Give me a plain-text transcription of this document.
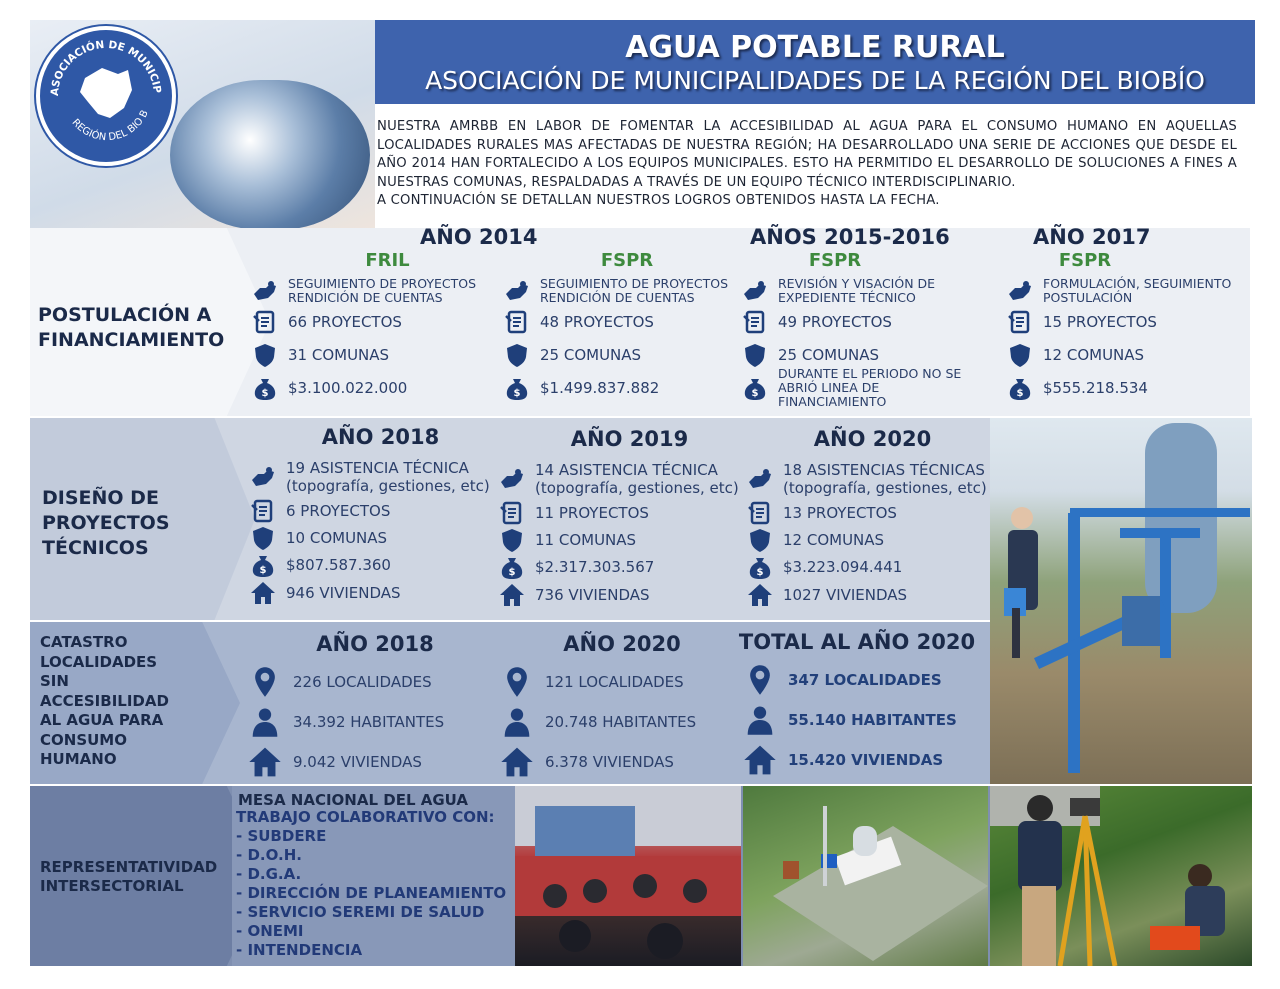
ASOCIACIÓN DE MUNICIP
REGIÓN DEL BIO B
AGUA POTABLE RURAL
ASOCIACIÓN DE MUNICIPALIDADES DE LA REGIÓN DEL BIOBÍO
NUESTRA AMRBB EN LABOR DE FOMENTAR LA ACCESIBILIDAD AL AGUA PARA EL CONSUMO HUMANO EN AQUELLAS LOCALIDADES RURALES MAS AFECTADAS DE NUESTRA REGIÓN; HA DESARROLLADO UNA SERIE DE ACCIONES QUE DESDE EL AÑO 2014 HAN FORTALECIDO A LOS EQUIPOS MUNICIPALES. ESTO HA PERMITIDO EL DESARROLLO DE SOLUCIONES A FINES A NUESTRAS COMUNAS, RESPALDADAS A TRAVÉS DE UN EQUIPO TÉCNICO INTERDISCIPLINARIO.
A CONTINUACIÓN SE DETALLAN NUESTROS LOGROS OBTENIDOS HASTA LA FECHA.
POSTULACIÓN A FINANCIAMIENTO
DISEÑO DE PROYECTOS TÉCNICOS
CATASTRO LOCALIDADES SIN ACCESIBILIDAD AL AGUA PARA CONSUMO HUMANO
REPRESENTATIVIDAD INTERSECTORIAL
AÑO 2014	AÑOS 2015-2016	AÑO 2017
FRIL
SEGUIMIENTO DE PROYECTOS RENDICIÓN DE CUENTAS
66 PROYECTOS
31 COMUNAS
$3.100.022.000
FSPR
SEGUIMIENTO DE PROYECTOS RENDICIÓN DE CUENTAS
48 PROYECTOS
25 COMUNAS
$1.499.837.882
FSPR
REVISIÓN Y VISACIÓN DE EXPEDIENTE TÉCNICO
49 PROYECTOS
25 COMUNAS
DURANTE EL PERIODO NO SE ABRIÓ LINEA DE FINANCIAMIENTO
FSPR
FORMULACIÓN, SEGUIMIENTO POSTULACIÓN
15 PROYECTOS
12 COMUNAS
$555.218.534
AÑO 2018
19 ASISTENCIA TÉCNICA
(topografía, gestiones, etc)
6 PROYECTOS
10 COMUNAS
$807.587.360
946 VIVIENDAS
AÑO 2019
14 ASISTENCIA TÉCNICA
(topografía, gestiones, etc)
11 PROYECTOS
11 COMUNAS
$2.317.303.567
736 VIVIENDAS
AÑO 2020
18 ASISTENCIAS TÉCNICAS
(topografía, gestiones, etc)
13 PROYECTOS
12 COMUNAS
$3.223.094.441
1027 VIVIENDAS
AÑO 2018
226 LOCALIDADES
34.392 HABITANTES
9.042 VIVIENDAS
AÑO 2020
121 LOCALIDADES
20.748 HABITANTES
6.378 VIVIENDAS
TOTAL AL AÑO 2020
347 LOCALIDADES
55.140 HABITANTES
15.420 VIVIENDAS
MESA NACIONAL DEL AGUA
TRABAJO COLABORATIVO CON:
- SUBDERE
- D.O.H.
- D.G.A.
- DIRECCIÓN DE PLANEAMIENTO
- SERVICIO SEREMI DE SALUD
- ONEMI
- INTENDENCIA
